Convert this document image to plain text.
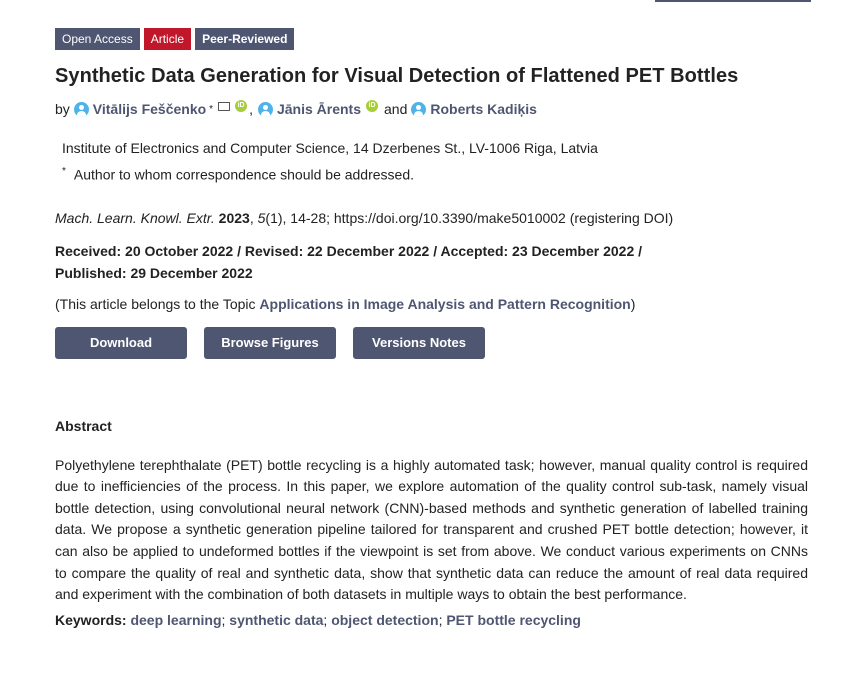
Open Access	Article	Peer-Reviewed
Synthetic Data Generation for Visual Detection of Flattened PET Bottles
by Vitālijs Feščenko *	iD , Jānis Ārents	iD and Roberts Kadiķis
Institute of Electronics and Computer Science, 14 Dzerbenes St., LV-1006 Riga, Latvia
* Author to whom correspondence should be addressed.
Mach. Learn. Knowl. Extr. 2023, 5(1), 14-28; https://doi.org/10.3390/make5010002 (registering DOI)
Received: 20 October 2022 / Revised: 22 December 2022 / Accepted: 23 December 2022 /
Published: 29 December 2022
(This article belongs to the Topic Applications in Image Analysis and Pattern Recognition)
Download	Browse Figures	Versions Notes
Abstract
Polyethylene terephthalate (PET) bottle recycling is a highly automated task; however, manual quality control is required due to inefficiencies of the process. In this paper, we explore automation of the quality control sub-task, namely visual bottle detection, using convolutional neural network (CNN)-based methods and synthetic generation of labelled training data. We propose a synthetic generation pipeline tailored for transparent and crushed PET bottle detection; however, it can also be applied to undeformed bottles if the viewpoint is set from above. We conduct various experiments on CNNs to compare the quality of real and synthetic data, show that synthetic data can reduce the amount of real data required and experiment with the combination of both datasets in multiple ways to obtain the best performance.
Keywords: deep learning; synthetic data; object detection; PET bottle recycling
